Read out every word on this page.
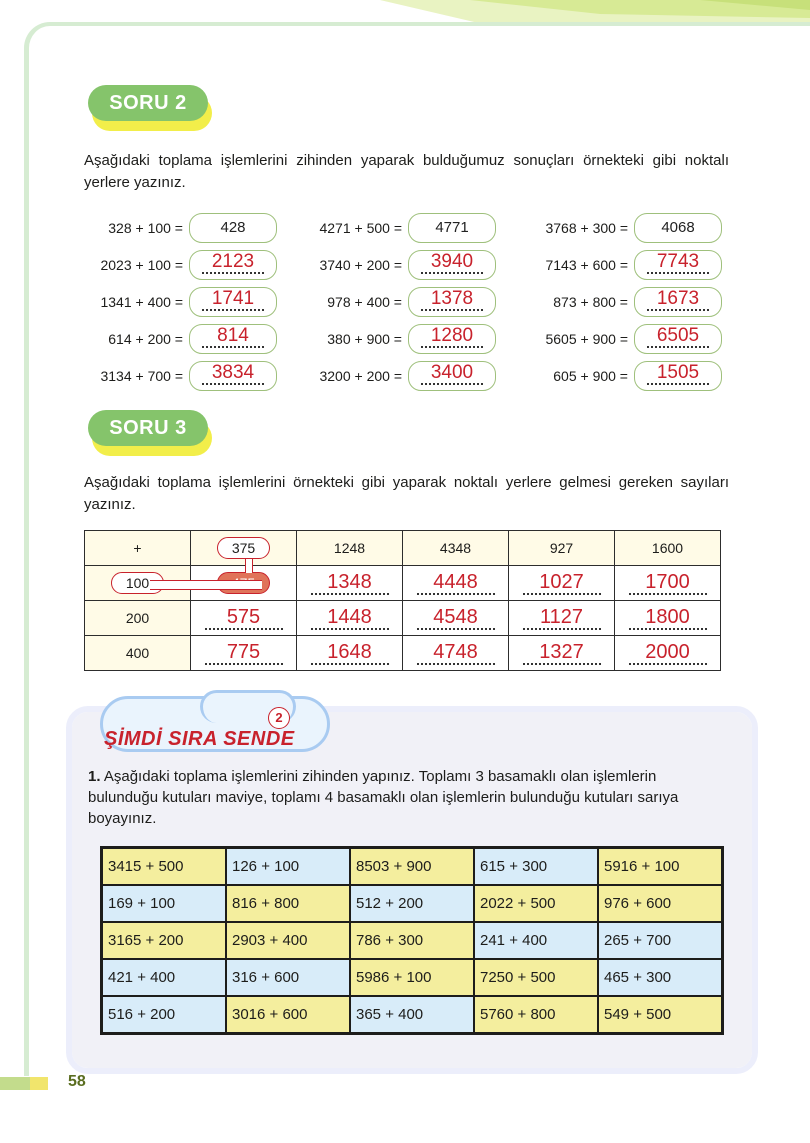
SORU 2
Aşağıdaki toplama işlemlerini zihinden yaparak bulduğumuz sonuçları örnekteki gibi noktalı yerlere yazınız.
328 + 100 =	428
2023 + 100 =	2123
1341 + 400 =	1741
614 + 200 =	814
3134 + 700 =	3834
4271 + 500 =	4771
3740 + 200 =	3940
978 + 400 =	1378
380 + 900 =	1280
3200 + 200 =	3400
3768 + 300 =	4068
7143 + 600 =	7743
873 + 800 =	1673
5605 + 900 =	6505
605 + 900 =	1505
SORU 3
Aşağıdaki toplama işlemlerini örnekteki gibi yaparak noktalı yerlere gelmesi gereken sayıları yazınız.
+	375	1248	4348	927	1600
100		1348	4448	1027	1700
200	575	1448	4548	1127	1800
400	775	1648	4748	1327	2000
2
ŞİMDİ SIRA SENDE
1. Aşağıdaki toplama işlemlerini zihinden yapınız. Toplamı 3 basamaklı olan işlemlerin bulunduğu kutuları maviye, toplamı 4 basamaklı olan işlemlerin bulunduğu kutuları sarıya boyayınız.
3415 + 500	126 + 100	8503 + 900	615 + 300	5916 + 100
169 + 100	816 + 800	512 + 200	2022 + 500	976 + 600
3165 + 200	2903 + 400	786 + 300	241 + 400	265 + 700
421 + 400	316 + 600	5986 + 100	7250 + 500	465 + 300
516 + 200	3016 + 600	365 + 400	5760 + 800	549 + 500
58
